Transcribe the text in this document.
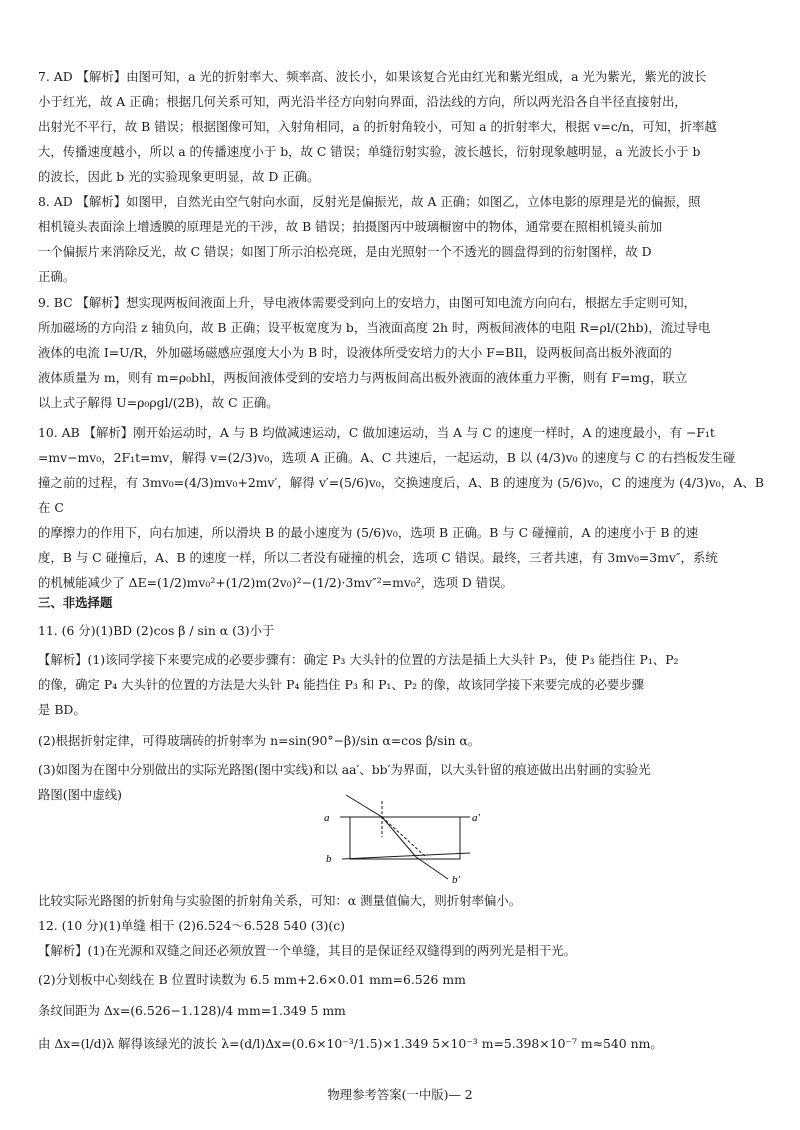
7. AD 【解析】由图可知，a 光的折射率大、频率高、波长小，如果该复合光由红光和紫光组成，a 光为紫光，紫光的波长

小于红光，故 A 正确；根据几何关系可知，两光沿半径方向射向界面，沿法线的方向，所以两光沿各自半径直接射出，

出射光不平行，故 B 错误；根据图像可知，入射角相同，a 的折射角较小，可知 a 的折射率大，根据 v=c/n，可知，折率越

大，传播速度越小，所以 a 的传播速度小于 b，故 C 错误；单缝衍射实验，波长越长，衍射现象越明显，a 光波长小于 b

的波长，因此 b 光的实验现象更明显，故 D 正确。

8. AD 【解析】如图甲，自然光由空气射向水面，反射光是偏振光，故 A 正确；如图乙，立体电影的原理是光的偏振，照

相机镜头表面涂上增透膜的原理是光的干涉，故 B 错误；拍摄图丙中玻璃橱窗中的物体，通常要在照相机镜头前加

一个偏振片来消除反光，故 C 错误；如图丁所示泊松亮斑，是由光照射一个不透光的圆盘得到的衍射图样，故 D

正确。

9. BC 【解析】想实现两板间液面上升，导电液体需要受到向上的安培力，由图可知电流方向向右，根据左手定则可知，

所加磁场的方向沿 z 轴负向，故 B 正确；设平板宽度为 b，当液面高度 2h 时，两板间液体的电阻 R=ρl/(2hb)，流过导电

液体的电流 I=U/R，外加磁场磁感应强度大小为 B 时，设液体所受安培力的大小 F=BIl，设两板间高出板外液面的

液体质量为 m，则有 m=ρ₀bhl，两板间液体受到的安培力与两板间高出板外液面的液体重力平衡，则有 F=mg，联立

以上式子解得 U=ρ₀ρgl/(2B)，故 C 正确。

10. AB 【解析】刚开始运动时，A 与 B 均做减速运动，C 做加速运动，当 A 与 C 的速度一样时，A 的速度最小，有 −F₁t

=mv−mv₀，2F₁t=mv，解得 v=(2/3)v₀，选项 A 正确。A、C 共速后，一起运动，B 以 (4/3)v₀ 的速度与 C 的右挡板发生碰

撞之前的过程，有 3mv₀=(4/3)mv₀+2mv′，解得 v′=(5/6)v₀，交换速度后，A、B 的速度为 (5/6)v₀，C 的速度为 (4/3)v₀，A、B 在 C

的摩擦力的作用下，向右加速，所以滑块 B 的最小速度为 (5/6)v₀，选项 B 正确。B 与 C 碰撞前，A 的速度小于 B 的速

度，B 与 C 碰撞后，A、B 的速度一样，所以二者没有碰撞的机会，选项 C 错误。最终，三者共速，有 3mv₀=3mv″，系统

的机械能减少了 ΔE=(1/2)mv₀²+(1/2)m(2v₀)²−(1/2)·3mv″²=mv₀²，选项 D 错误。

三、非选择题

11. (6 分)(1)BD (2)cos β / sin α (3)小于

【解析】(1)该同学接下来要完成的必要步骤有：确定 P₃ 大头针的位置的方法是插上大头针 P₃，使 P₃ 能挡住 P₁、P₂

的像，确定 P₄ 大头针的位置的方法是大头针 P₄ 能挡住 P₃ 和 P₁、P₂ 的像，故该同学接下来要完成的必要步骤

是 BD。

(2)根据折射定律，可得玻璃砖的折射率为 n=sin(90°−β)/sin α=cos β/sin α。

(3)如图为在图中分别做出的实际光路图(图中实线)和以 aa′、bb′为界面，以大头针留的痕迹做出出射画的实验光

路图(图中虚线)

a	a′
b
b′

比较实际光路图的折射角与实验图的折射角关系，可知：α 测量值偏大，则折射率偏小。

12. (10 分)(1)单缝 相干 (2)6.524～6.528 540 (3)(c)

【解析】(1)在光源和双缝之间还必须放置一个单缝，其目的是保证经双缝得到的两列光是相干光。

(2)分划板中心刻线在 B 位置时读数为 6.5 mm+2.6×0.01 mm=6.526 mm

条纹间距为 Δx=(6.526−1.128)/4 mm=1.349 5 mm

由 Δx=(l/d)λ 解得该绿光的波长 λ=(d/l)Δx=(0.6×10⁻³/1.5)×1.349 5×10⁻³ m=5.398×10⁻⁷ m≈540 nm。

物理参考答案(一中版)— 2
